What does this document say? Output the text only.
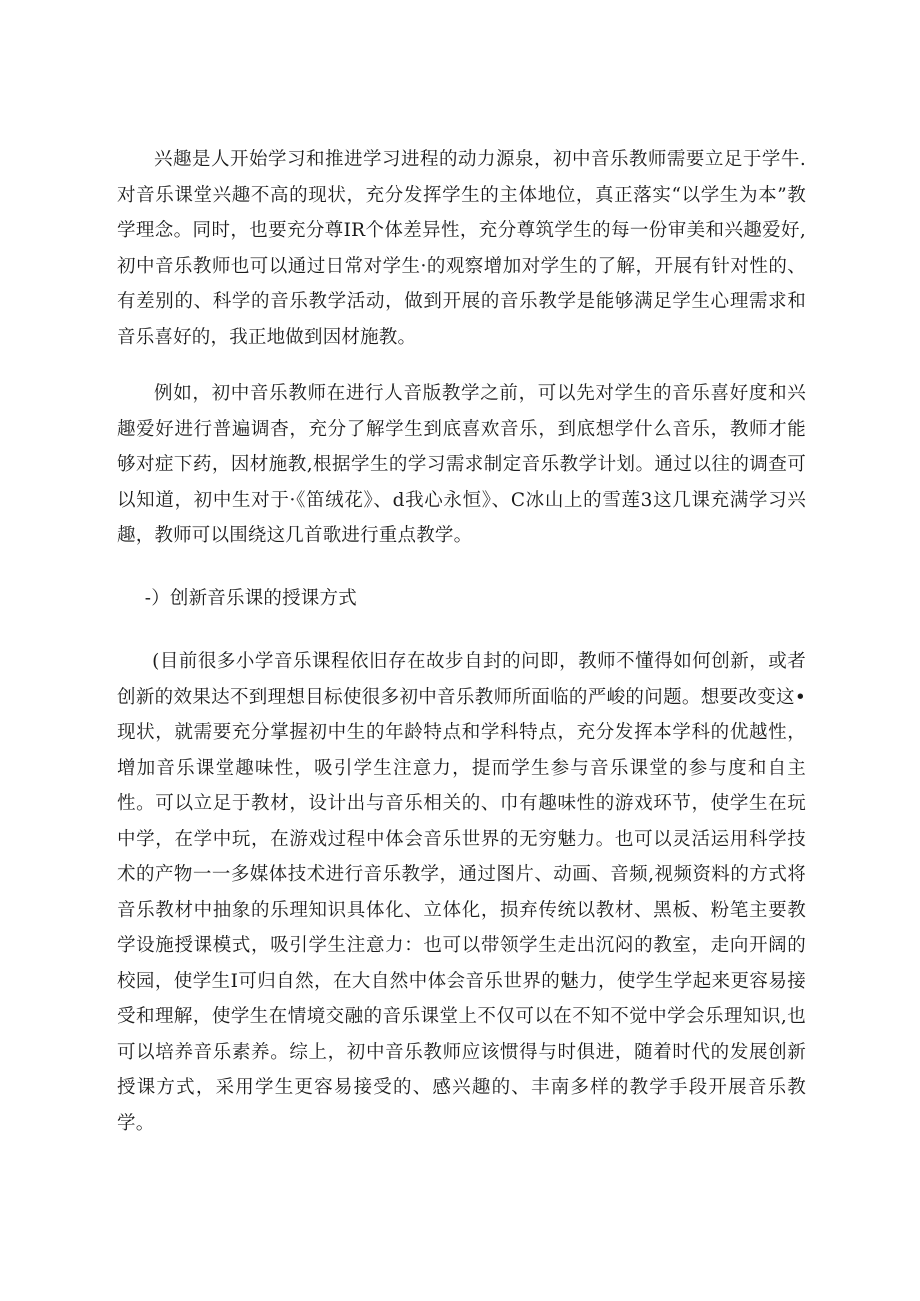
兴趣是人开始学习和推进学习进程的动力源泉，初中音乐教师需要立足于学牛.对音乐课堂兴趣不高的现状，充分发挥学生的主体地位，真正落实“以学生为本”教学理念。同时，也要充分尊IR个体差异性，充分尊筑学生的每一份审美和兴趣爱好,初中音乐教师也可以通过日常对学生·的观察增加对学生的了解，开展有针对性的、有差别的、科学的音乐教学活动，做到开展的音乐教学是能够满足学生心理需求和音乐喜好的，我正地做到因材施教。

例如，初中音乐教师在进行人音版教学之前，可以先对学生的音乐喜好度和兴趣爱好进行普遍调杳，充分了解学生到底喜欢音乐，到底想学什么音乐，教师才能够对症下药，因材施教,根据学生的学习需求制定音乐教学计划。通过以往的调查可以知道，初中生对于·《笛绒花》、d我心永恒》、C冰山上的雪莲3这几课充满学习兴趣，教师可以围绕这几首歌进行重点教学。

-）创新音乐课的授课方式

(目前很多小学音乐课程依旧存在故步自封的问即，教师不懂得如何创新，或者创新的效果达不到理想目标使很多初中音乐教师所面临的严峻的问题。想要改变这•现状，就需要充分掌握初中生的年龄特点和学科特点，充分发挥本学科的优越性，增加音乐课堂趣味性，吸引学生注意力，提而学生参与音乐课堂的参与度和自主性。可以立足于教材，设计出与音乐相关的、巾有趣味性的游戏环节，使学生在玩中学，在学中玩，在游戏过程中体会音乐世界的无穷魅力。也可以灵活运用科学技术的产物一一多媒体技术进行音乐教学，通过图片、动画、音频,视频资料的方式将音乐教材中抽象的乐理知识具体化、立体化，损弃传统以教材、黑板、粉笔主要教学设施授课模式，吸引学生注意力：也可以带领学生走出沉闷的教室，走向开阔的校园，使学生I可归自然，在大自然中体会音乐世界的魅力，使学生学起来更容易接受和理解，使学生在情境交融的音乐课堂上不仅可以在不知不觉中学会乐理知识,也可以培养音乐素养。综上，初中音乐教师应该惯得与时俱进，随着时代的发展创新授课方式，采用学生更容易接受的、感兴趣的、丰南多样的教学手段开展音乐教学。
